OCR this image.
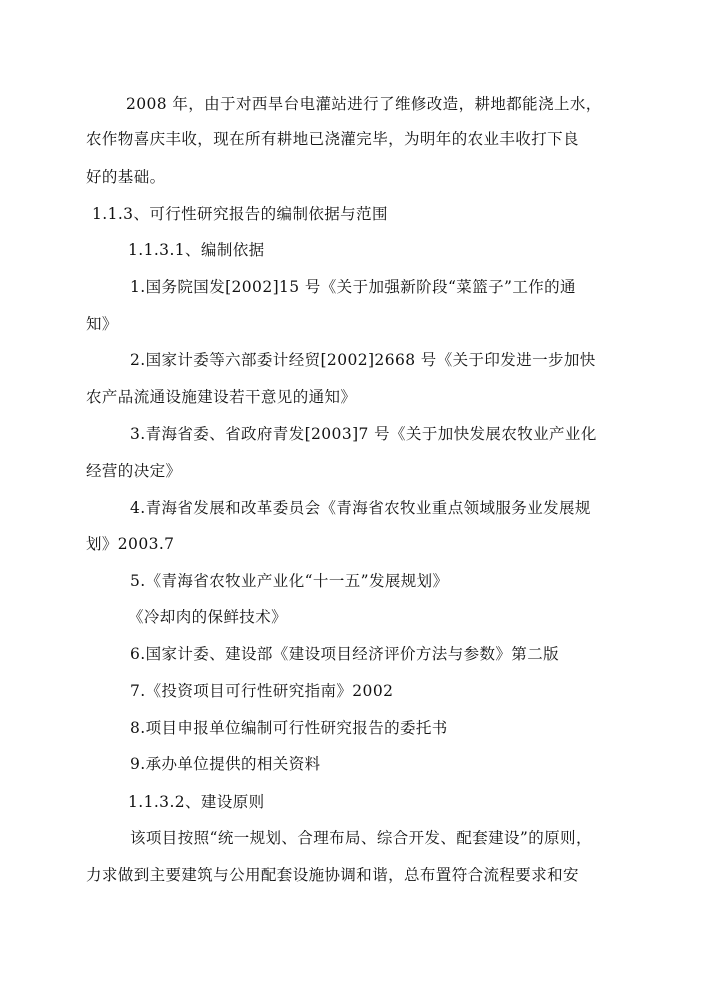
2008 年，由于对西旱台电灌站进行了维修改造，耕地都能浇上水，
农作物喜庆丰收，现在所有耕地已浇灌完毕，为明年的农业丰收打下良
好的基础。
1.1.3、可行性研究报告的编制依据与范围
1.1.3.1、编制依据
1.国务院国发[2002]15 号《关于加强新阶段“菜篮子”工作的通
知》
2.国家计委等六部委计经贸[2002]2668 号《关于印发进一步加快
农产品流通设施建设若干意见的通知》
3.青海省委、省政府青发[2003]7 号《关于加快发展农牧业产业化
经营的决定》
4.青海省发展和改革委员会《青海省农牧业重点领域服务业发展规
划》2003.7
5.《青海省农牧业产业化“十一五”发展规划》
《冷却肉的保鲜技术》
6.国家计委、建设部《建设项目经济评价方法与参数》第二版
7.《投资项目可行性研究指南》2002
8.项目申报单位编制可行性研究报告的委托书
9.承办单位提供的相关资料
1.1.3.2、建设原则
该项目按照“统一规划、合理布局、综合开发、配套建设”的原则，
力求做到主要建筑与公用配套设施协调和谐，总布置符合流程要求和安
